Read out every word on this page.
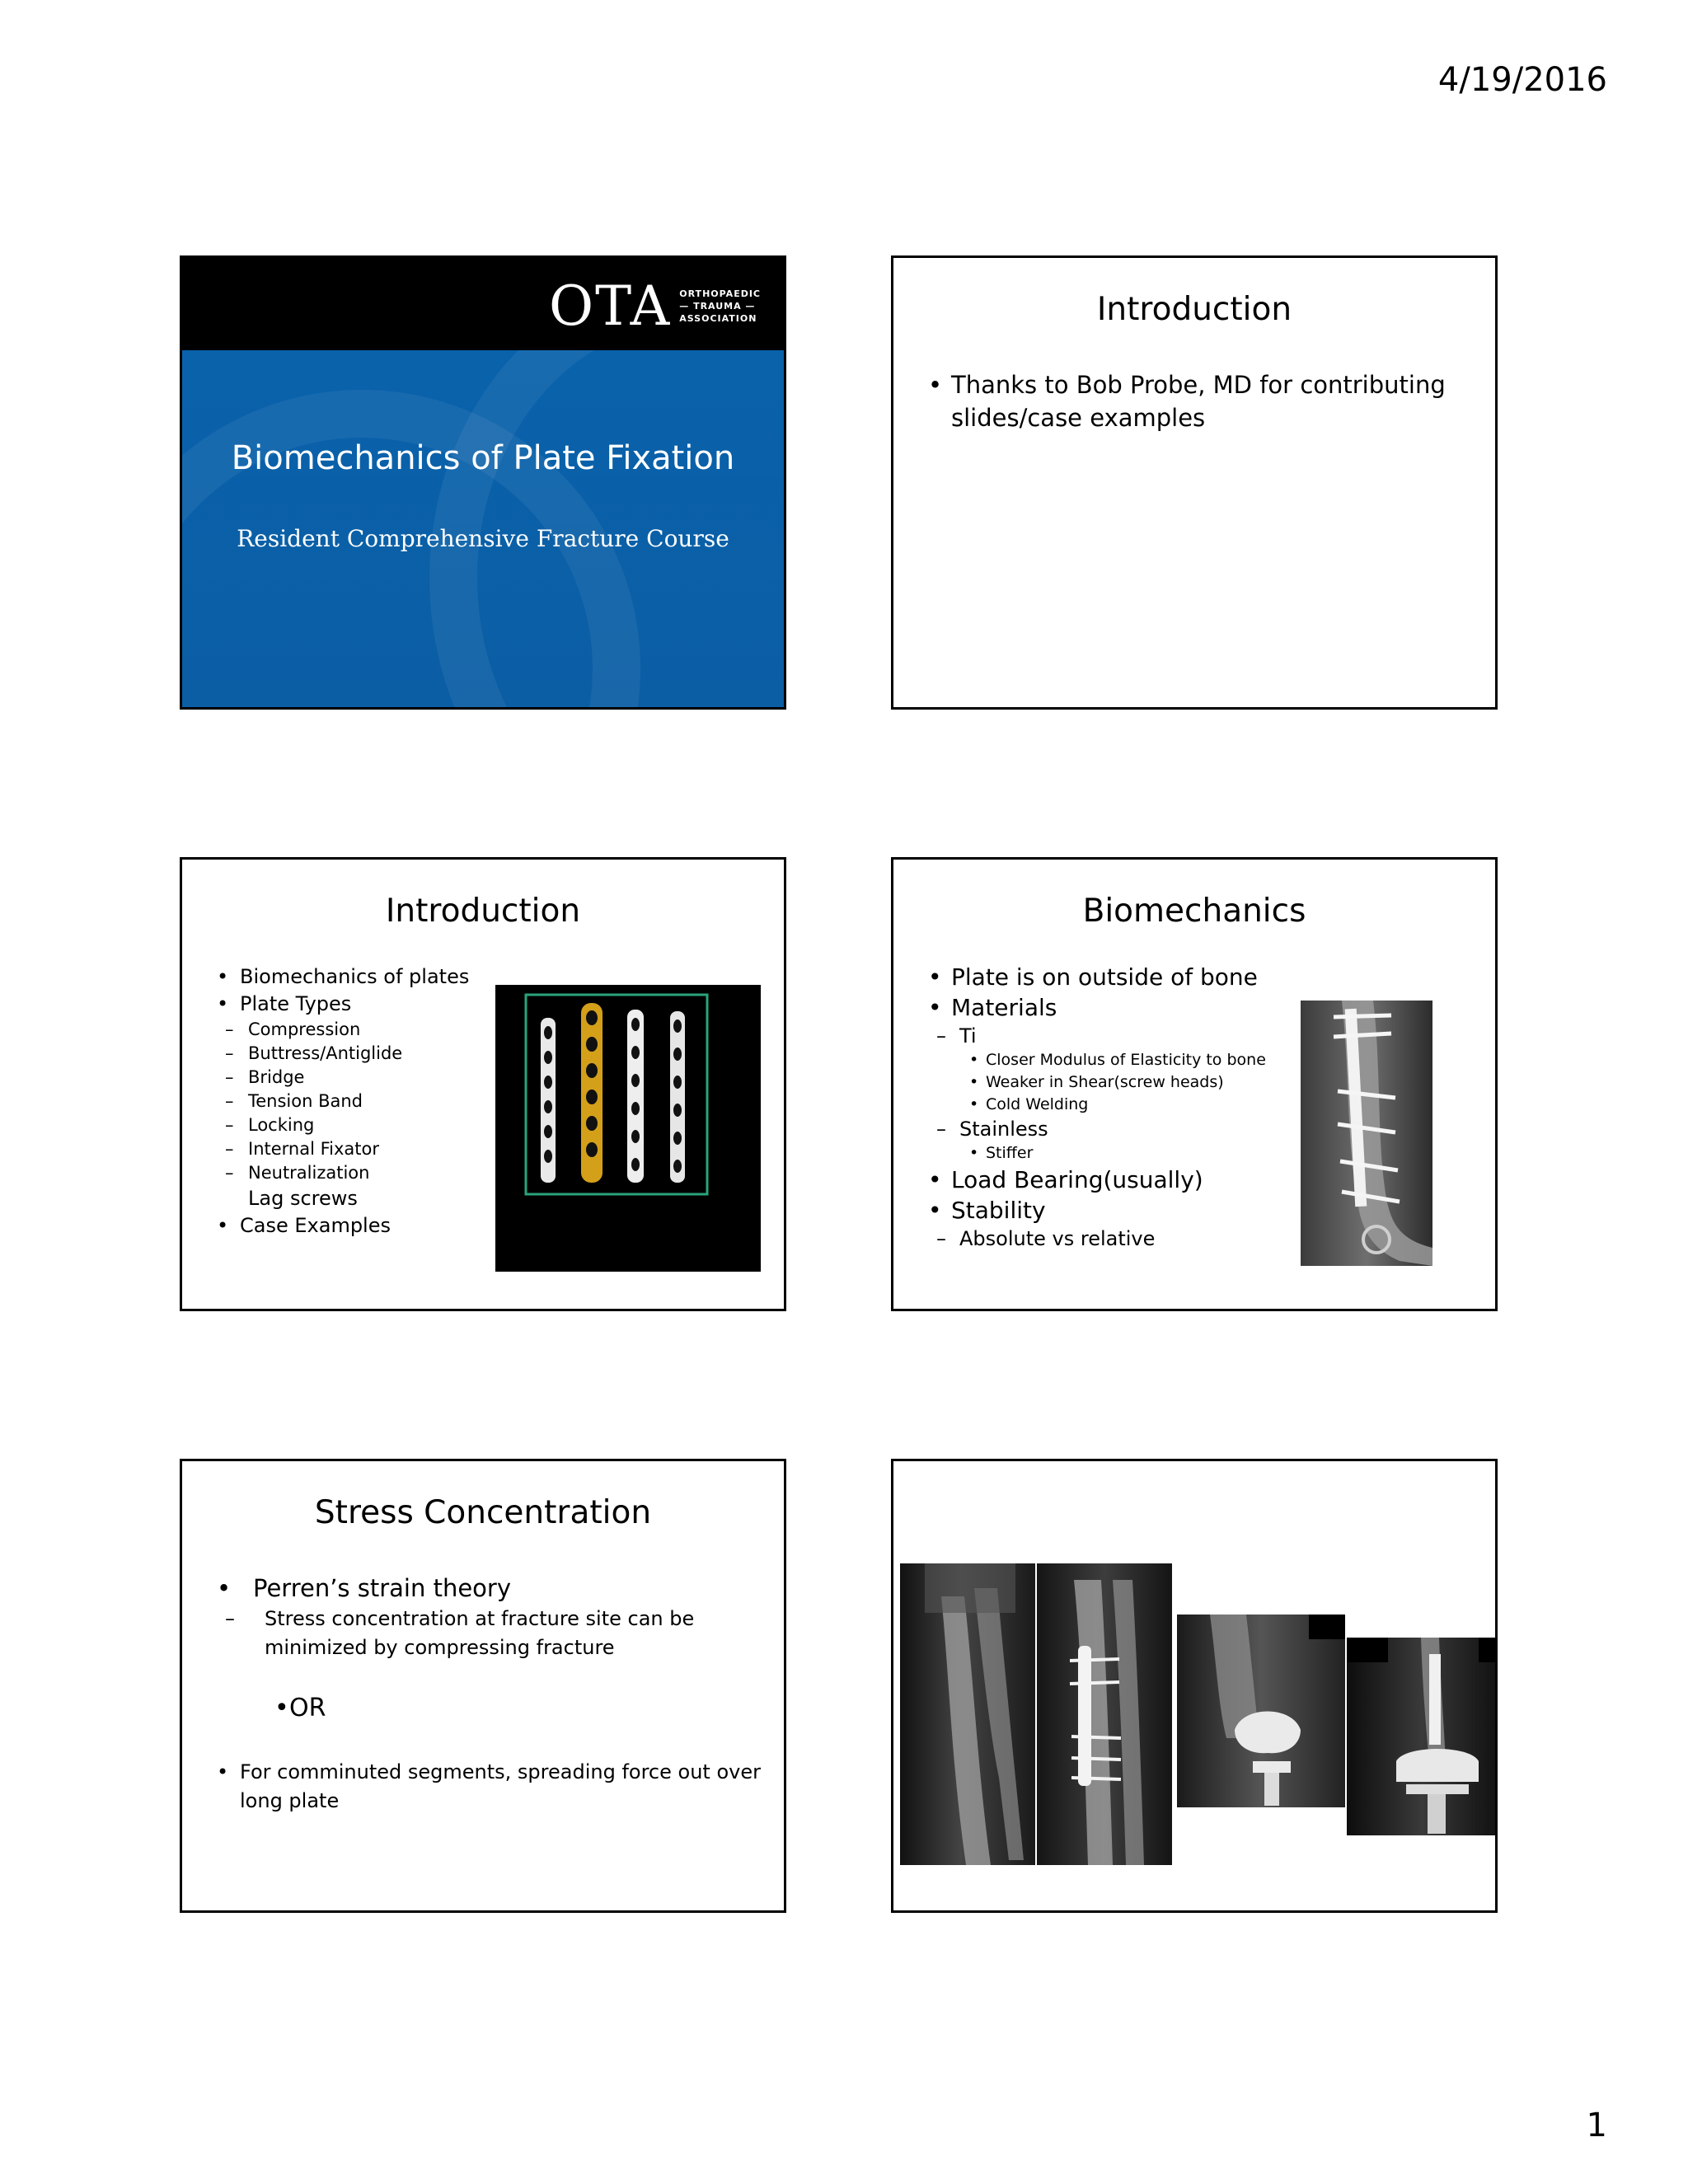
4/19/2016
OTA ORTHOPAEDIC
— TRAUMA —
ASSOCIATION
Biomechanics of Plate Fixation
Resident Comprehensive Fracture Course
Introduction
• Thanks to Bob Probe, MD for contributing
slides/case examples
Introduction
• Biomechanics of plates
• Plate Types
– Compression
– Buttress/Antiglide
– Bridge
– Tension Band
– Locking
– Internal Fixator
– Neutralization
Lag screws
• Case Examples
Biomechanics
• Plate is on outside of bone
• Materials
– Ti
• Closer Modulus of Elasticity to bone
• Weaker in Shear(screw heads)
• Cold Welding
– Stainless
• Stiffer
• Load Bearing(usually)
• Stability
– Absolute vs relative
Stress Concentration
• Perren’s strain theory
– Stress concentration at fracture site can be
minimized by compressing fracture
• OR
• For comminuted segments, spreading force out over
long plate
1
